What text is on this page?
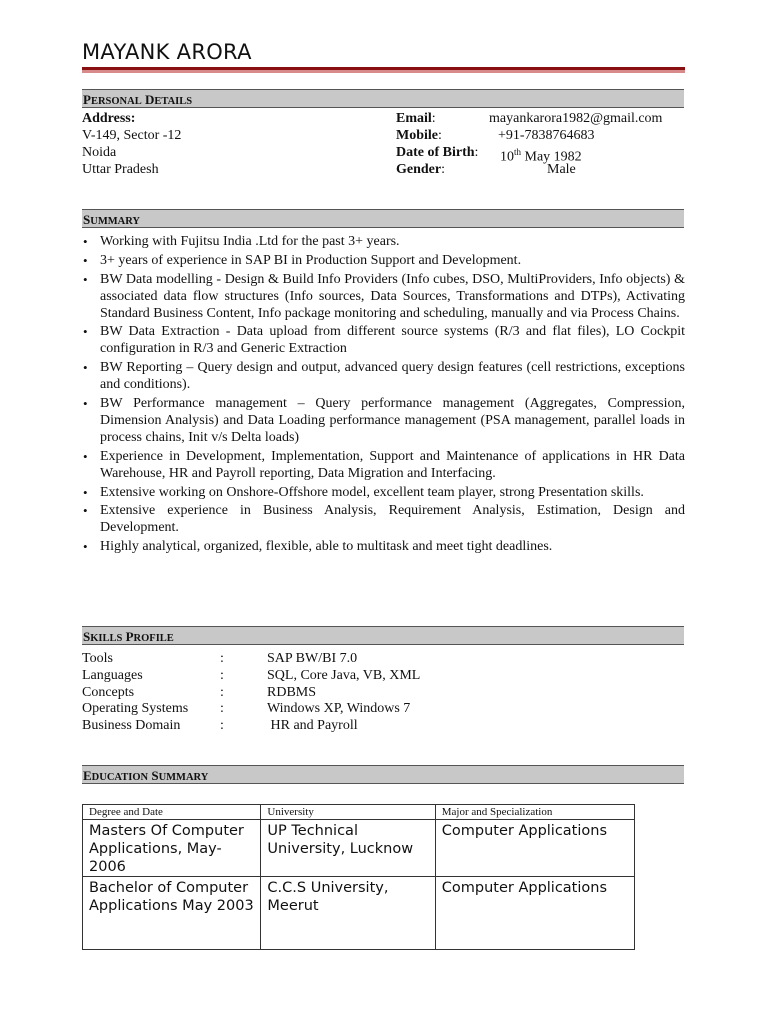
MAYANK ARORA
PERSONAL DETAILS
Address:
V-149, Sector -12
Noida
Uttar Pradesh
Email:	mayankarora1982@gmail.com
Mobile:	+91-7838764683
Date of Birth: 10th May 1982
Gender:	Male
SUMMARY
• Working with Fujitsu India .Ltd for the past 3+ years.
• 3+ years of experience in SAP BI in Production Support and Development.
• BW Data modelling - Design & Build Info Providers (Info cubes, DSO, MultiProviders, Info objects) & associated data flow structures (Info sources, Data Sources, Transformations and DTPs), Activating Standard Business Content, Info package monitoring and scheduling, manually and via Process Chains.
• BW Data Extraction - Data upload from different source systems (R/3 and flat files), LO Cockpit configuration in R/3 and Generic Extraction
• BW Reporting – Query design and output, advanced query design features (cell restrictions, exceptions and conditions).
• BW Performance management – Query performance management (Aggregates, Compression, Dimension Analysis) and Data Loading performance management (PSA management, parallel loads in process chains, Init v/s Delta loads)
• Experience in Development, Implementation, Support and Maintenance of applications in HR Data Warehouse, HR and Payroll reporting, Data Migration and Interfacing.
• Extensive working on Onshore-Offshore model, excellent team player, strong Presentation skills.
• Extensive experience in Business Analysis, Requirement Analysis, Estimation, Design and Development.
• Highly analytical, organized, flexible, able to multitask and meet tight deadlines.
SKILLS PROFILE
Tools	:	SAP BW/BI 7.0
Languages	:	SQL, Core Java, VB, XML
Concepts	:	RDBMS
Operating Systems :	Windows XP, Windows 7
Business Domain	:	HR and Payroll
EDUCATION SUMMARY
Degree and Date	University	Major and Specialization
Masters Of Computer Applications, May-2006	UP Technical University, Lucknow	Computer Applications
Bachelor of Computer Applications May 2003	C.C.S University, Meerut	Computer Applications
